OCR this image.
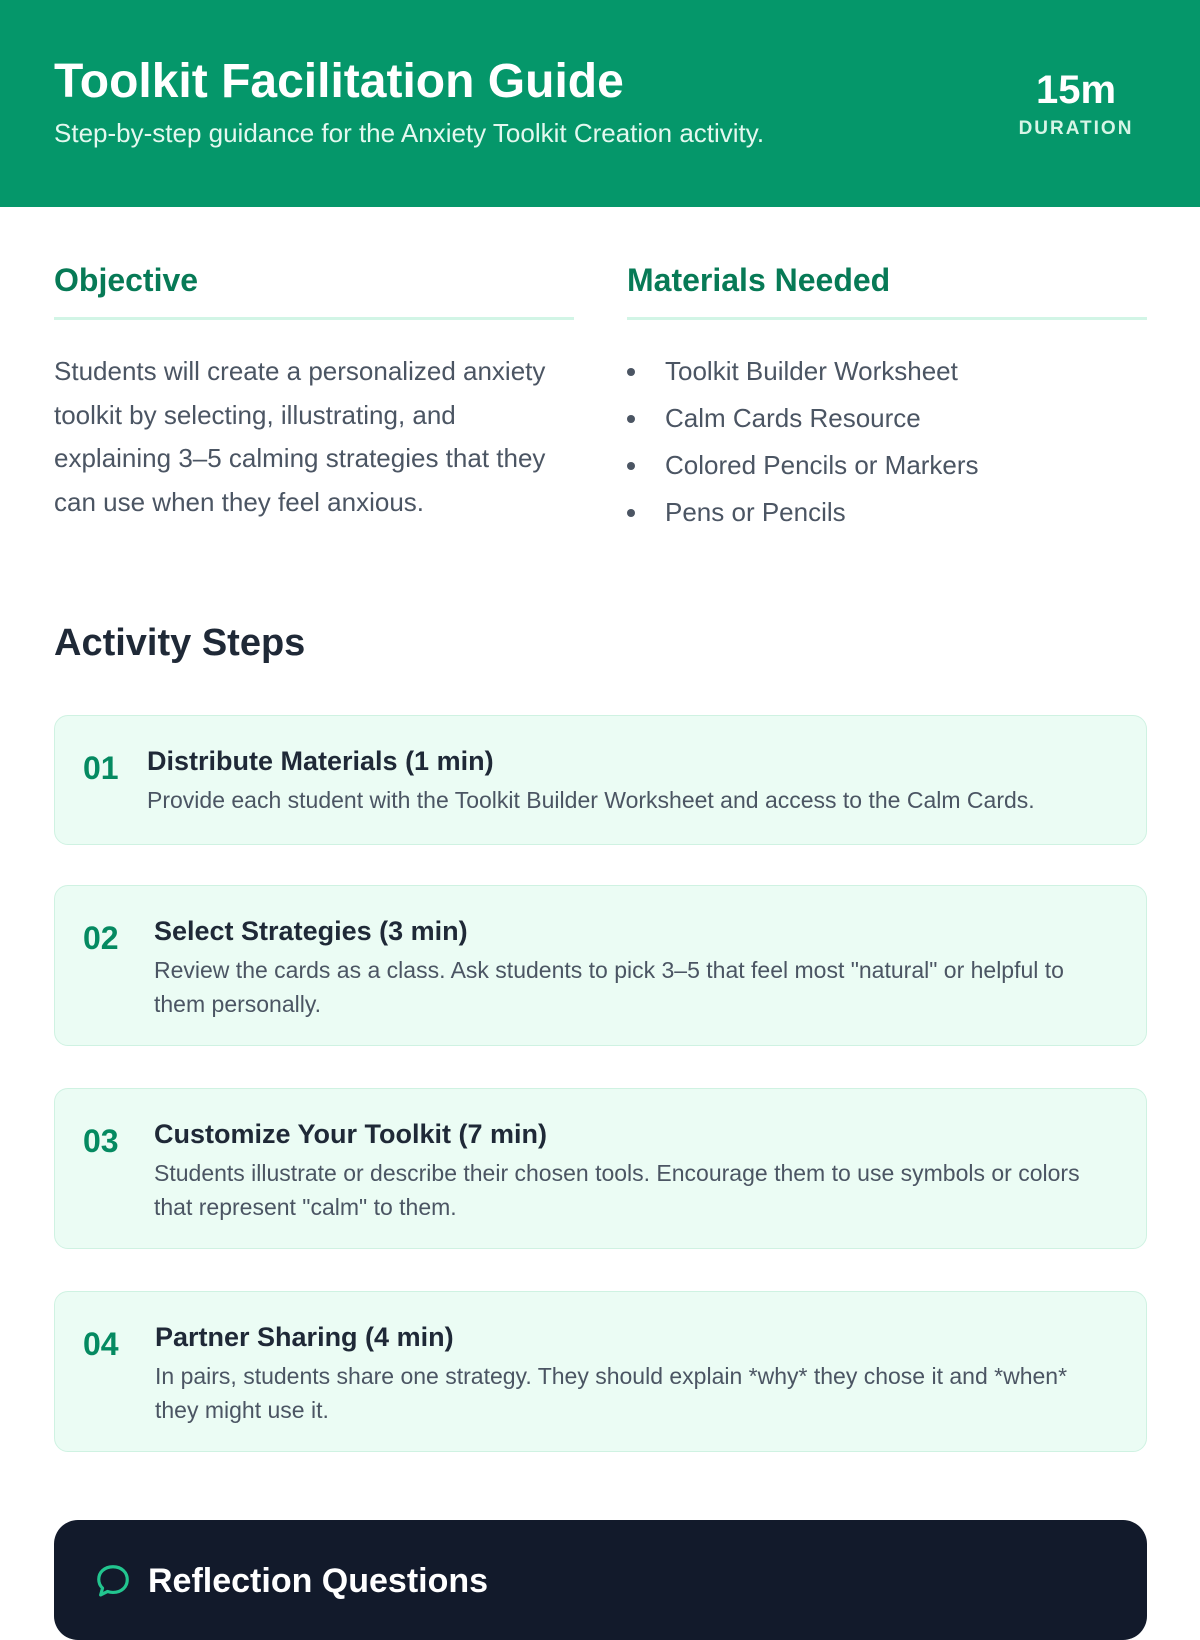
Toolkit Facilitation Guide

Step-by-step guidance for the Anxiety Toolkit Creation activity.

15m
DURATION
Objective

Students will create a personalized anxiety toolkit by selecting, illustrating, and explaining 3–5 calming strategies that they can use when they feel anxious.

Materials Needed
Toolkit Builder Worksheet
Calm Cards Resource
Colored Pencils or Markers
Pens or Pencils
Activity Steps
01 Distribute Materials (1 min)

Provide each student with the Toolkit Builder Worksheet and access to the Calm Cards.

02 Select Strategies (3 min)

Review the cards as a class. Ask students to pick 3–5 that feel most "natural" or helpful to them personally.

03 Customize Your Toolkit (7 min)

Students illustrate or describe their chosen tools. Encourage them to use symbols or colors that represent "calm" to them.

04 Partner Sharing (4 min)

In pairs, students share one strategy. They should explain *why* they chose it and *when* they might use it.

Reflection Questions
